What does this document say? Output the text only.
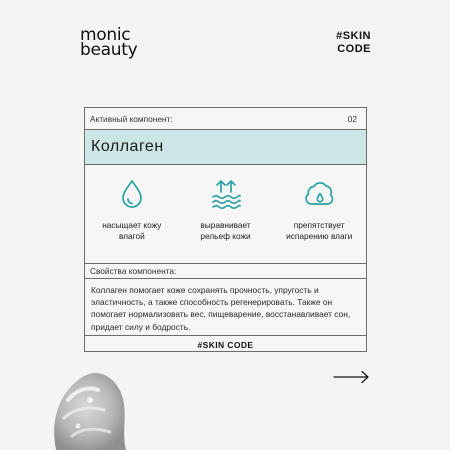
monic
beauty
#SKIN
CODE
Активный компонент:	02
Коллаген
насыщает кожу
влагой
выравнивает
рельеф кожи
препятствует
испарению влаги
Свойства компонента:
Коллаген помогает коже сохранять прочность, упругость и эластичность, а также способность регенерировать. Также он помогает нормализовать вес, пищеварение, восстанавливает сон, придает силу и бодрость.
#SKIN CODE
